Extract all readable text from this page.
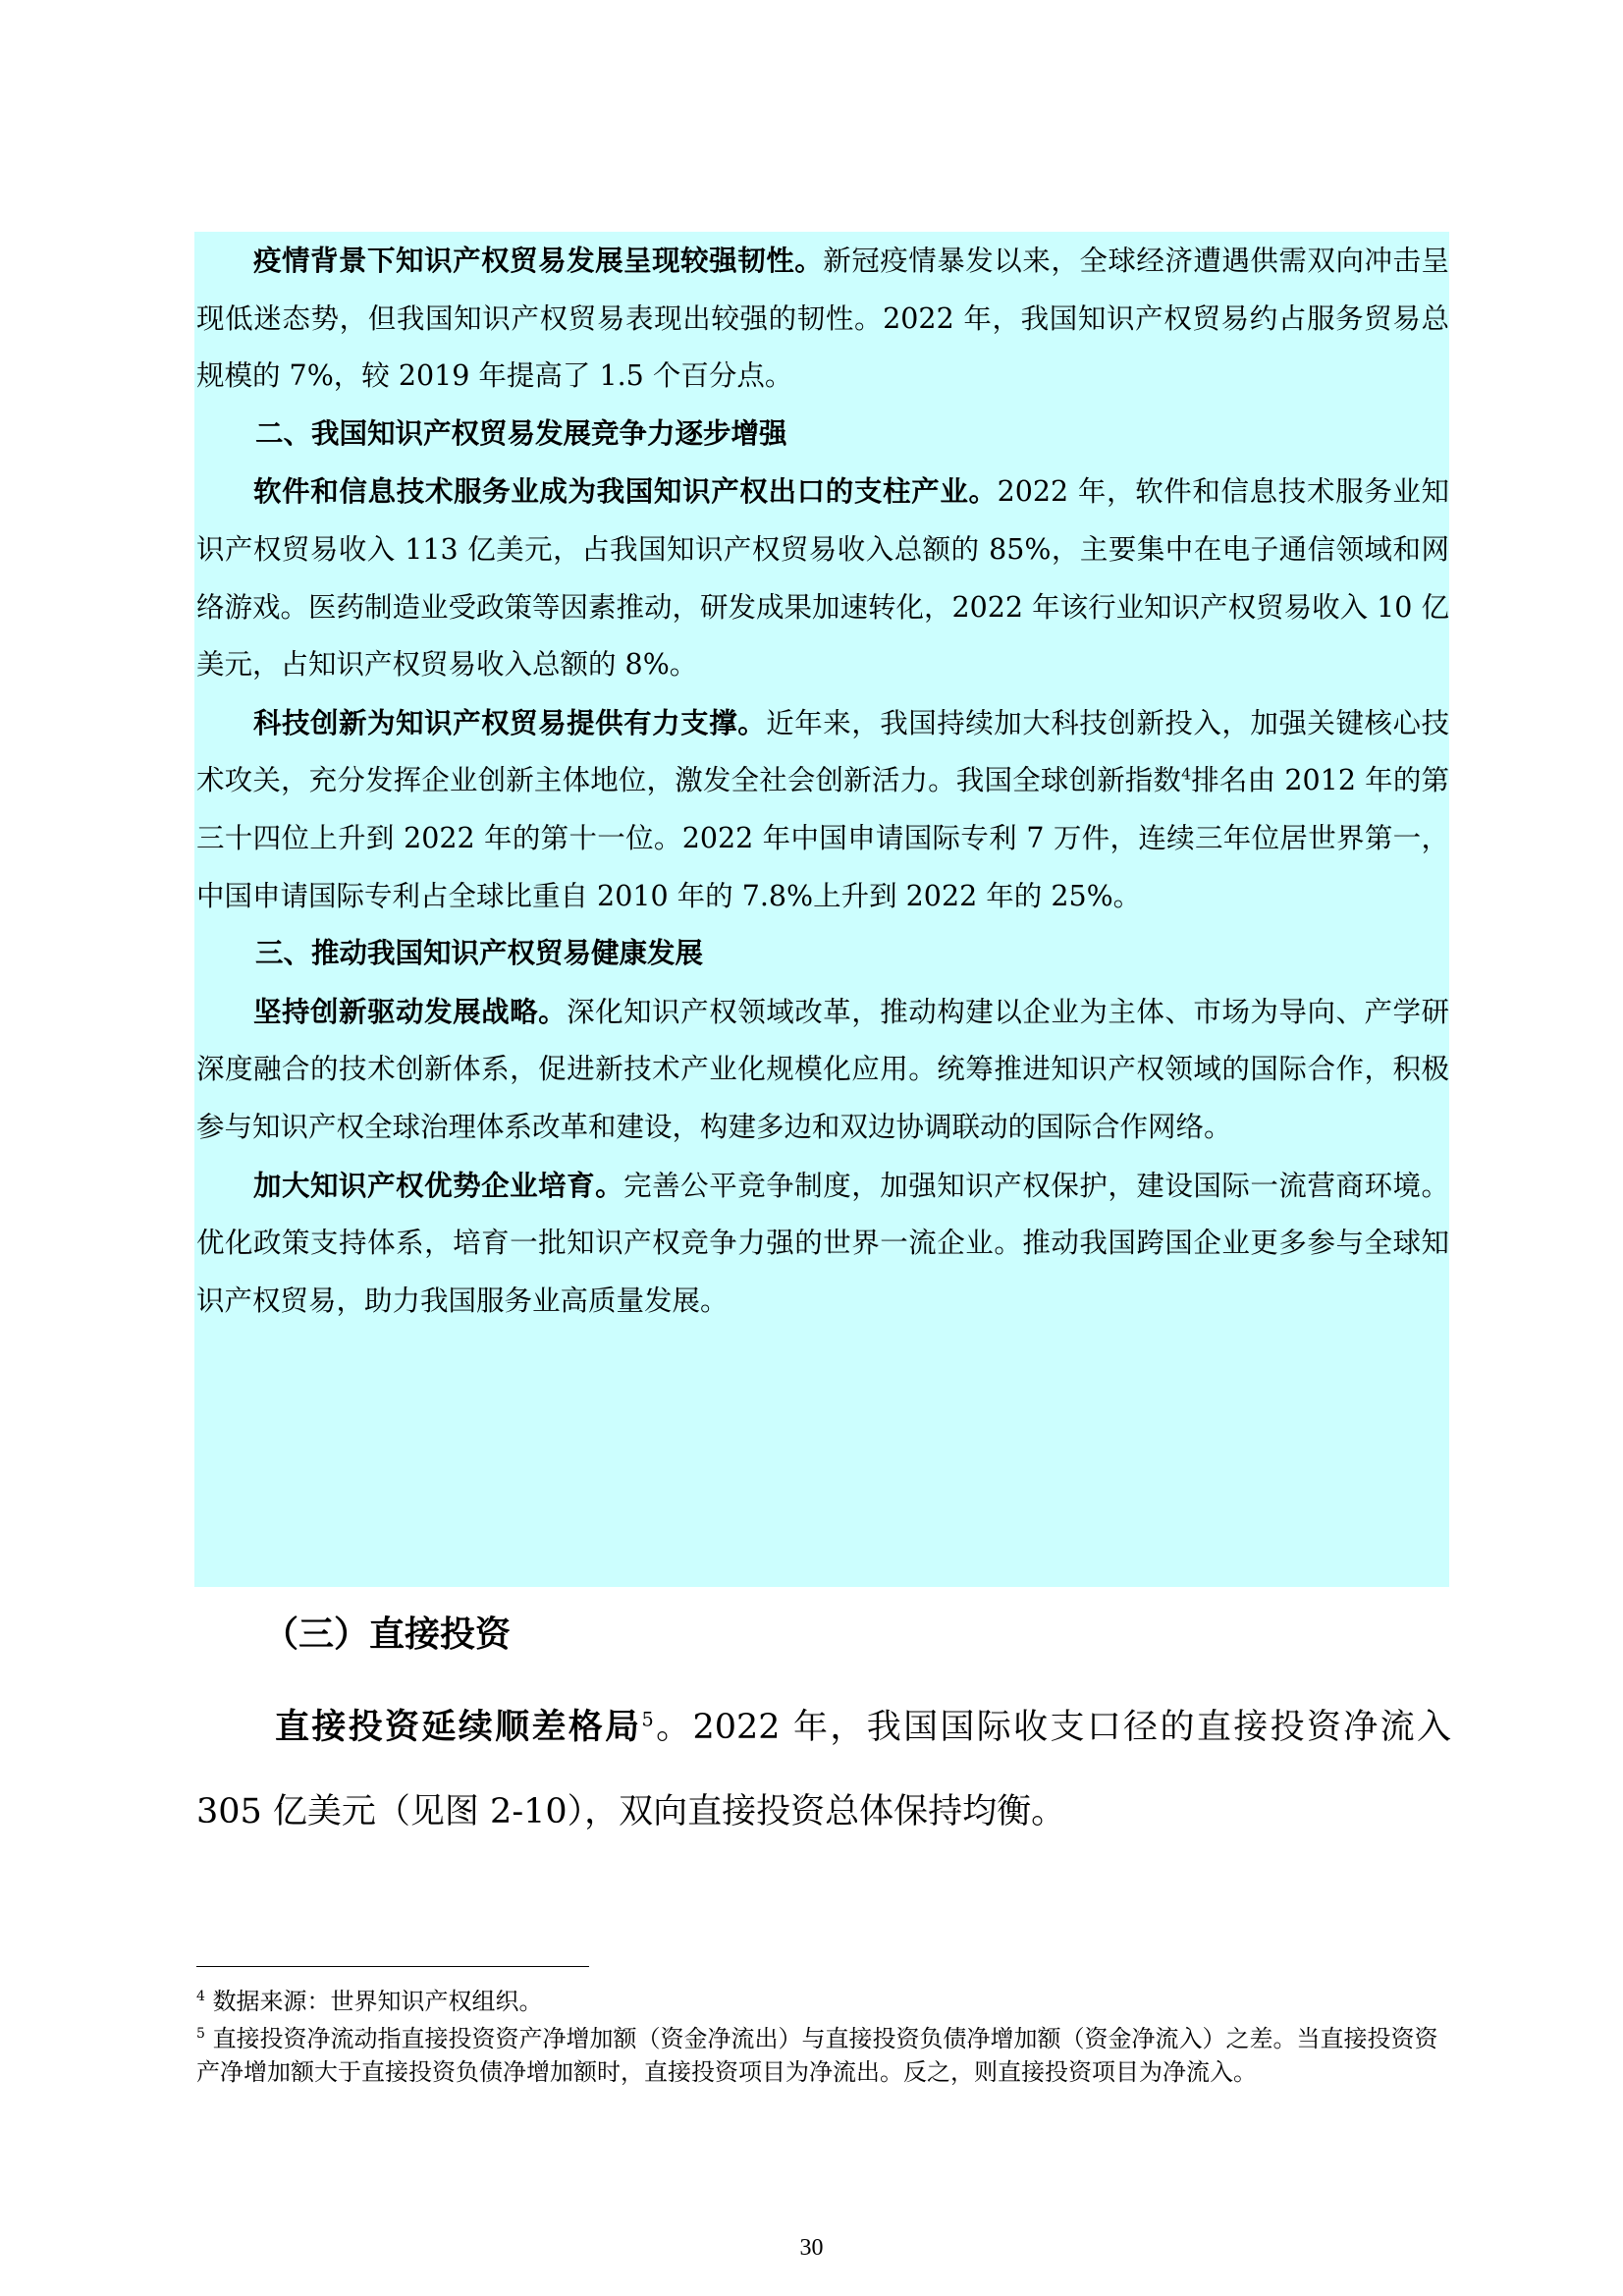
疫情背景下知识产权贸易发展呈现较强韧性。新冠疫情暴发以来，全球经济遭遇供需双向冲击呈现低迷态势，但我国知识产权贸易表现出较强的韧性。2022 年，我国知识产权贸易约占服务贸易总规模的 7%，较 2019 年提高了 1.5 个百分点。

二、我国知识产权贸易发展竞争力逐步增强

软件和信息技术服务业成为我国知识产权出口的支柱产业。2022 年，软件和信息技术服务业知识产权贸易收入 113 亿美元，占我国知识产权贸易收入总额的 85%，主要集中在电子通信领域和网络游戏。医药制造业受政策等因素推动，研发成果加速转化，2022 年该行业知识产权贸易收入 10 亿美元，占知识产权贸易收入总额的 8%。

科技创新为知识产权贸易提供有力支撑。近年来，我国持续加大科技创新投入，加强关键核心技术攻关，充分发挥企业创新主体地位，激发全社会创新活力。我国全球创新指数$^4$排名由 2012 年的第三十四位上升到 2022 年的第十一位。2022 年中国申请国际专利 7 万件，连续三年位居世界第一，中国申请国际专利占全球比重自 2010 年的 7.8%上升到 2022 年的 25%。

三、推动我国知识产权贸易健康发展

坚持创新驱动发展战略。深化知识产权领域改革，推动构建以企业为主体、市场为导向、产学研深度融合的技术创新体系，促进新技术产业化规模化应用。统筹推进知识产权领域的国际合作，积极参与知识产权全球治理体系改革和建设，构建多边和双边协调联动的国际合作网络。

加大知识产权优势企业培育。完善公平竞争制度，加强知识产权保护，建设国际一流营商环境。优化政策支持体系，培育一批知识产权竞争力强的世界一流企业。推动我国跨国企业更多参与全球知识产权贸易，助力我国服务业高质量发展。

（三）直接投资

直接投资延续顺差格局$^5$。2022 年，我国国际收支口径的直接投资净流入 305 亿美元（见图 2-10），双向直接投资总体保持均衡。

$^4$ 数据来源：世界知识产权组织。

$^5$ 直接投资净流动指直接投资资产净增加额（资金净流出）与直接投资负债净增加额（资金净流入）之差。当直接投资资产净增加额大于直接投资负债净增加额时，直接投资项目为净流出。反之，则直接投资项目为净流入。

30
